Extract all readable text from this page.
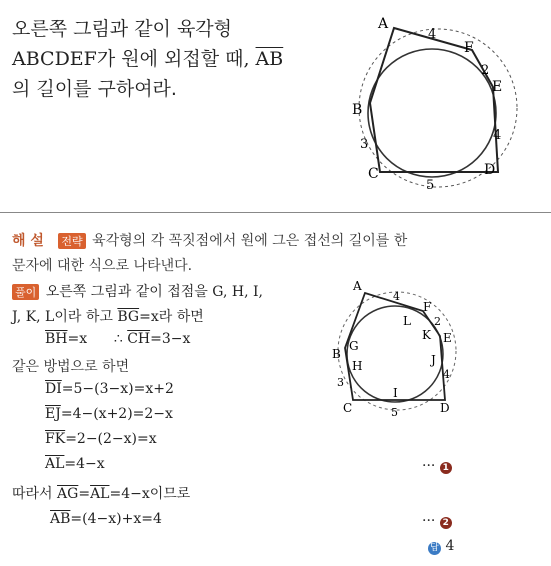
오른쪽 그림과 같이 육각형
ABCDEF가 원에 외접할 때, $\overline{AB}$
의 길이를 구하여라.
A
F
E
D
C
B
4
2
4
5
3
해 설 전략 육각형의 각 꼭짓점에서 원에 그은 접선의 길이를 한
문자에 대한 식으로 나타낸다.
풀이 오른쪽 그림과 같이 접점을 G, H, I,
J, K, L이라 하고 $\overline{BG}=x$라 하면
$\overline{BH}=x$      ∴ $\overline{CH}=3-x$
같은 방법으로 하면
$\overline{DI}=5-(3-x)=x+2$
$\overline{EJ}=4-(x+2)=2-x$
$\overline{FK}=2-(2-x)=x$
$\overline{AL}=4-x$	··· 1
따라서 $\overline{AG}=\overline{AL}=4-x$이므로
$\overline{AB}=(4-x)+x=4$	··· 2
답 4
A
F
E
D
C
B
G
H
I
J
K
L
4
2
4
5
3
